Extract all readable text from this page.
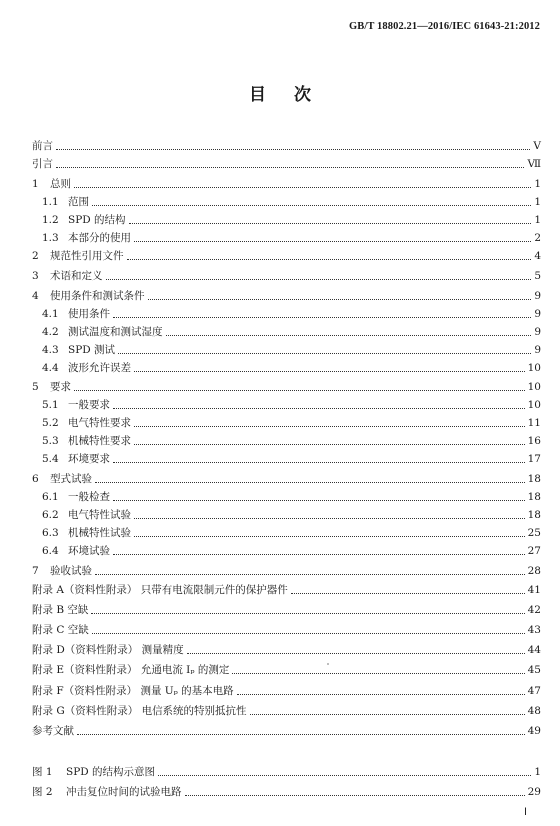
GB/T 18802.21—2016/IEC 61643-21:2012
目次
前言	Ⅴ
引言	Ⅶ
1	总则	1
1.1 范围	1
1.2 SPD 的结构	1
1.3 本部分的使用	2
2	规范性引用文件	4
3	术语和定义	5
4	使用条件和测试条件	9
4.1 使用条件	9
4.2 测试温度和测试湿度	9
4.3 SPD 测试	9
4.4 波形允许误差	10
5	要求	10
5.1 一般要求	10
5.2 电气特性要求	11
5.3 机械特性要求	16
5.4 环境要求	17
6	型式试验	18
6.1 一般检查	18
6.2 电气特性试验	18
6.3 机械特性试验	25
6.4 环境试验	27
7	验收试验	28
附录 A（资料性附录） 只带有电流限制元件的保护器件	41
附录 B 空缺	42
附录 C 空缺	43
附录 D（资料性附录） 测量精度	44
附录 E（资料性附录） 允通电流 Iₚ 的测定	45
附录 F（资料性附录） 测量 Uₚ 的基本电路	47
附录 G（资料性附录） 电信系统的特别抵抗性	48
参考文献	49
图 1	SPD 的结构示意图	1
图 2	冲击复位时间的试验电路	29
Ⅰ
